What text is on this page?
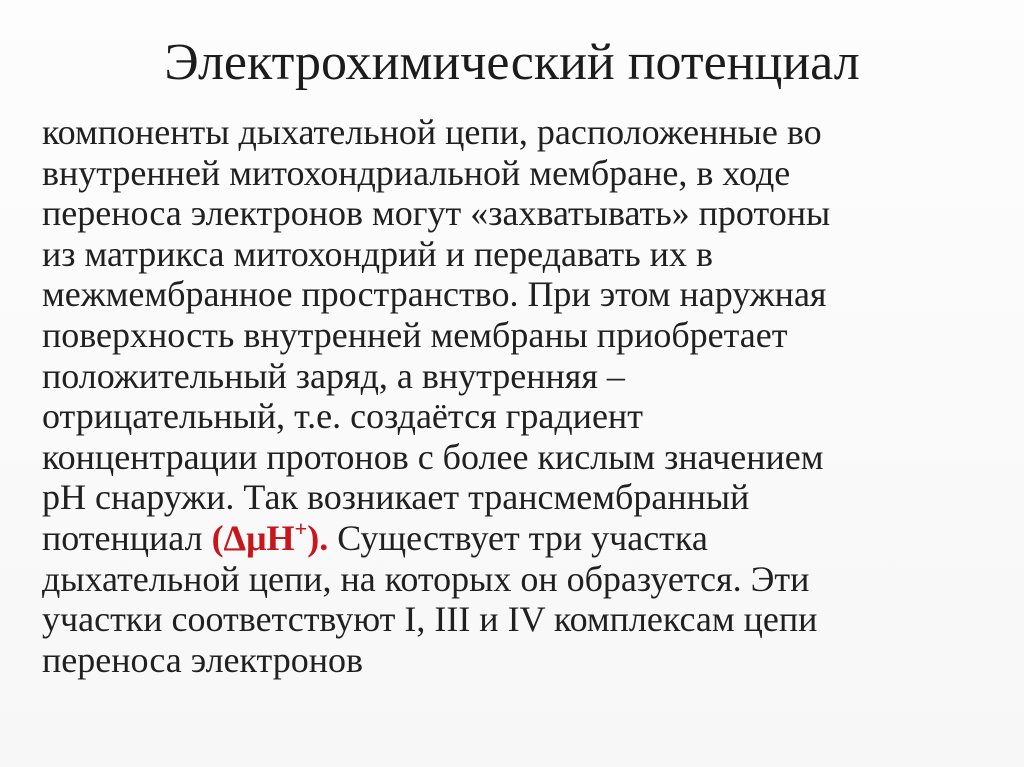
Электрохимический потенциал
компоненты дыхательной цепи, расположенные во
внутренней митохондриальной мембране, в ходе
переноса электронов могут «захватывать» протоны
из матрикса митохондрий и передавать их в
межмембранное пространство. При этом наружная
поверхность внутренней мембраны приобретает
положительный заряд, а внутренняя –
отрицательный, т.е. создаётся градиент
концентрации протонов с более кислым значением
pH снаружи. Так возникает трансмембранный
потенциал (ΔμH+). Существует три участка
дыхательной цепи, на которых он образуется. Эти
участки соответствуют I, III и IV комплексам цепи
переноса электронов
